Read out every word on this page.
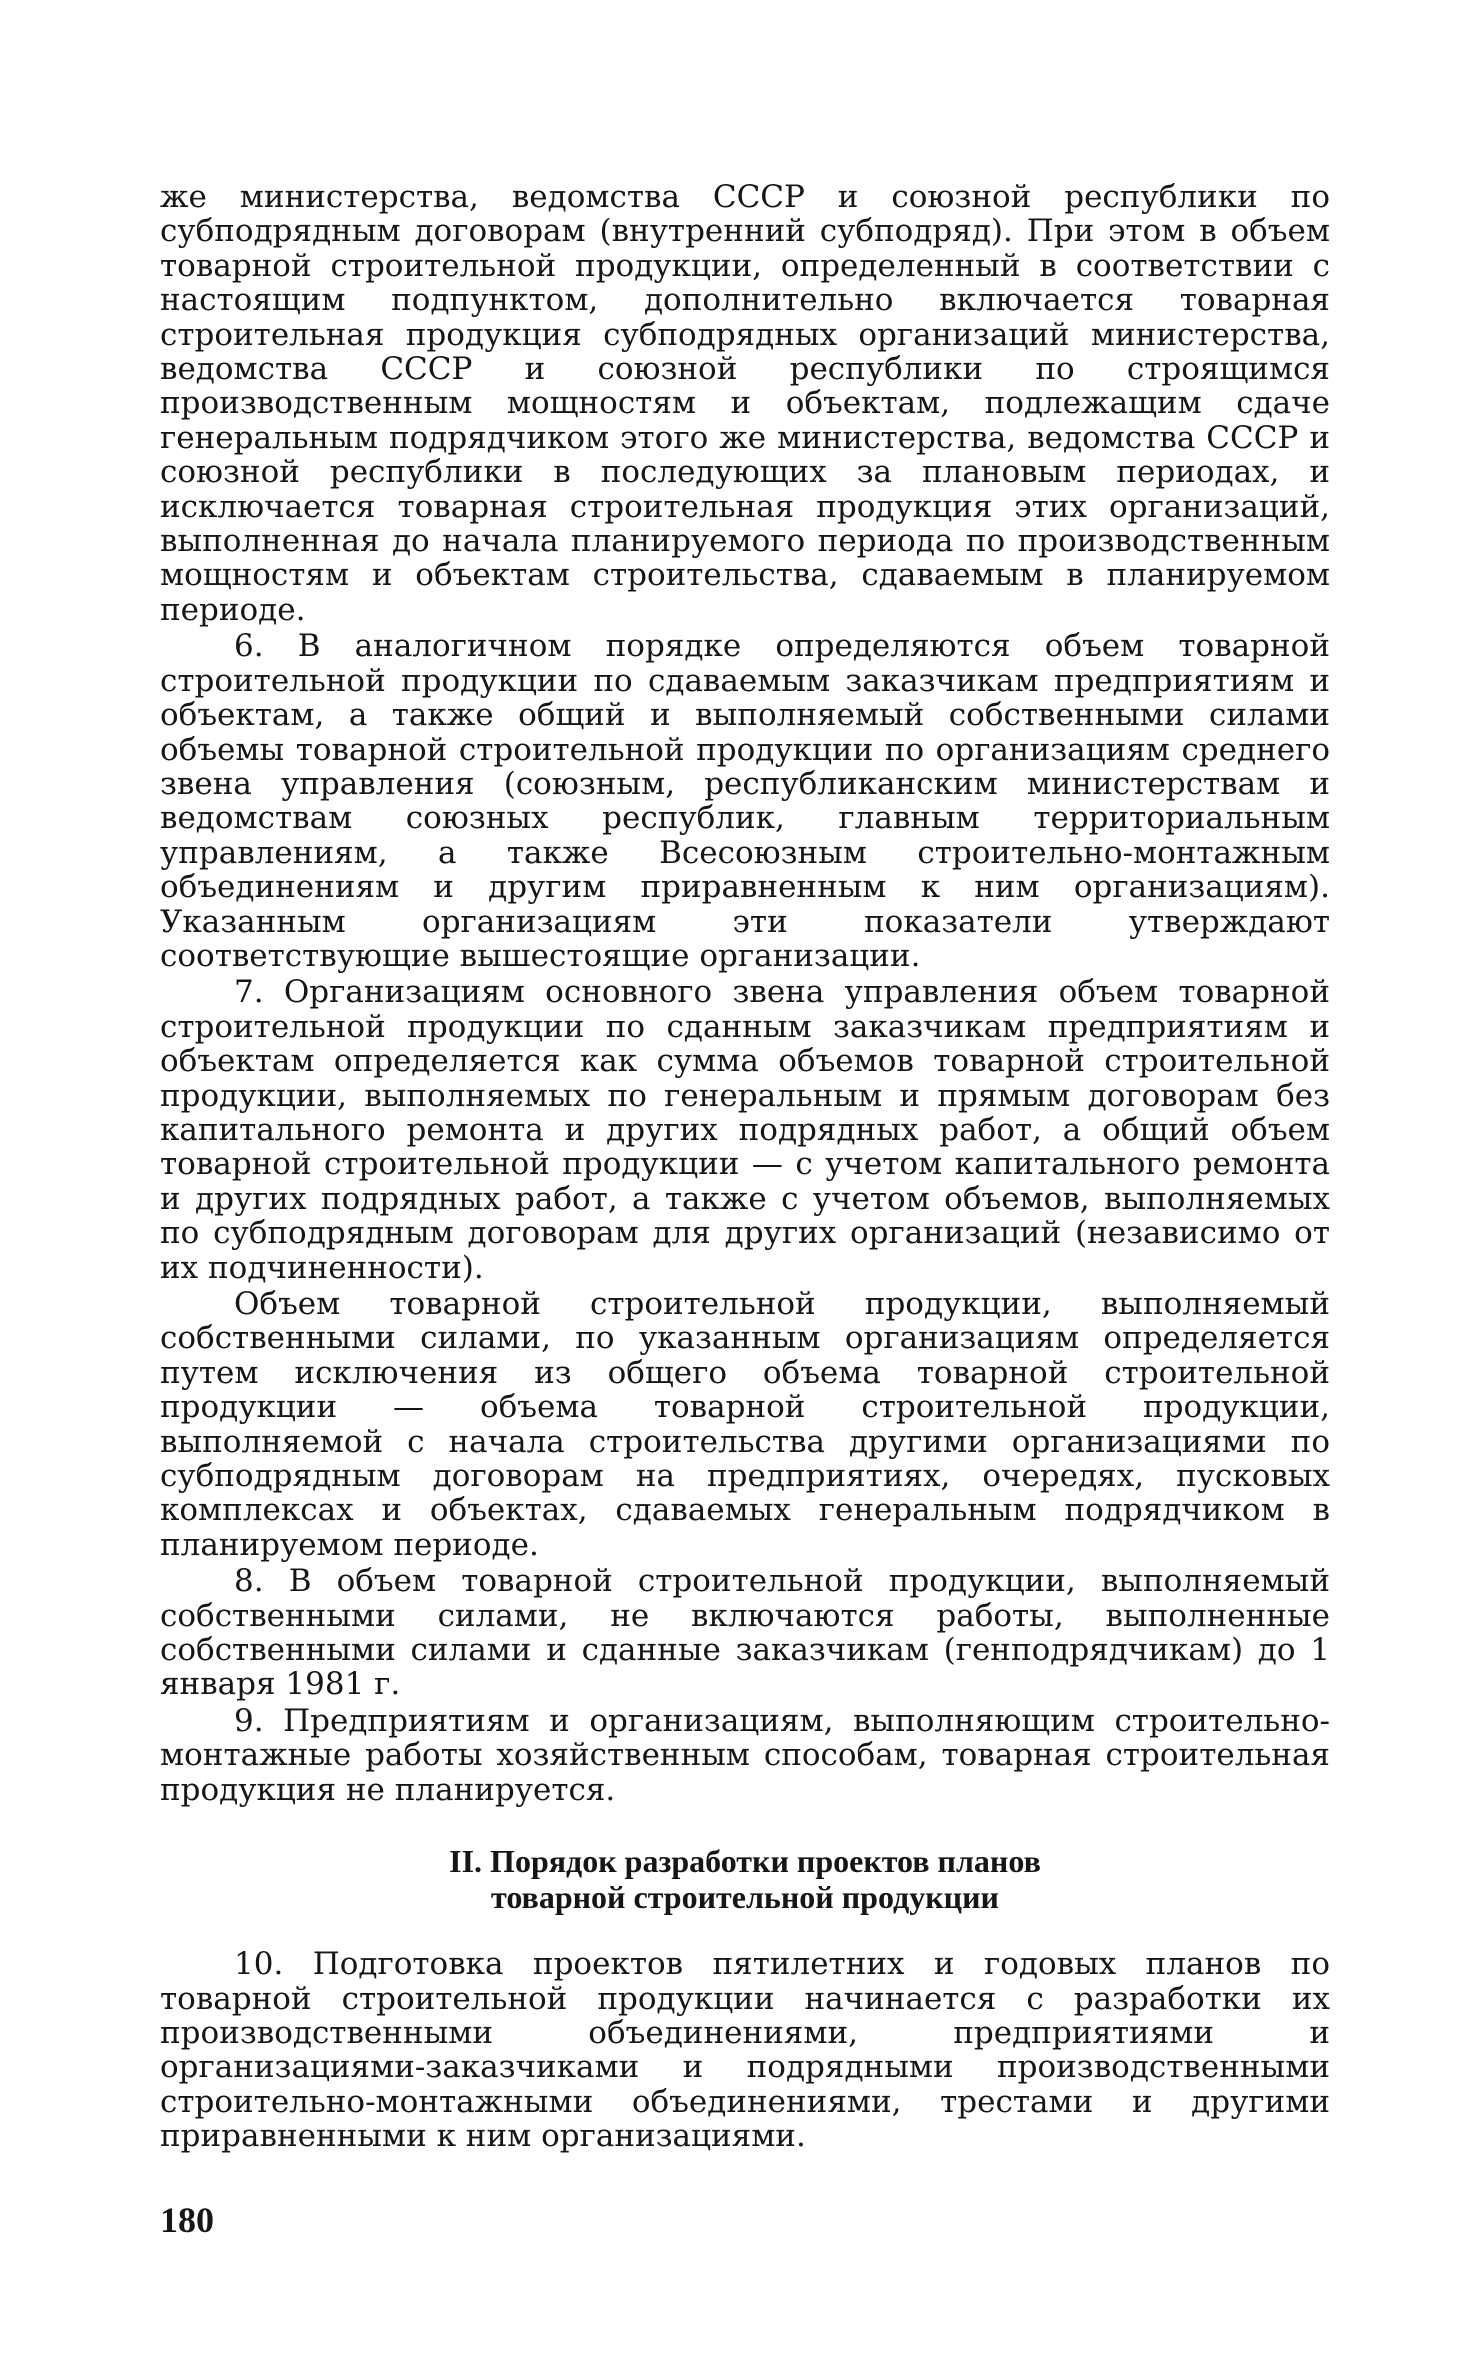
же министерства, ведомства СССР и союзной республики по субподрядным договорам (внутренний субподряд). При этом в объем товарной строительной продукции, определенный в соответствии с настоящим подпунктом, дополнительно включается товарная строительная продукция субподрядных организаций министерства, ведомства СССР и союзной республики по строящимся производственным мощностям и объектам, подлежащим сдаче генеральным подрядчиком этого же министерства, ведомства СССР и союзной республики в последующих за плановым периодах, и исключается товарная строительная продукция этих организаций, выполненная до начала планируемого периода по производственным мощностям и объектам строительства, сдаваемым в планируемом периоде.

6. В аналогичном порядке определяются объем товарной строительной продукции по сдаваемым заказчикам предприятиям и объектам, а также общий и выполняемый собственными силами объемы товарной строительной продукции по организациям среднего звена управления (союзным, республиканским министерствам и ведомствам союзных республик, главным территориальным управлениям, а также Всесоюзным строительно-монтажным объединениям и другим приравненным к ним организациям). Указанным организациям эти показатели утверждают соответствующие вышестоящие организации.

7. Организациям основного звена управления объем товарной строительной продукции по сданным заказчикам предприятиям и объектам определяется как сумма объемов товарной строительной продукции, выполняемых по генеральным и прямым договорам без капитального ремонта и других подрядных работ, а общий объем товарной строительной продукции — с учетом капитального ремонта и других подрядных работ, а также с учетом объемов, выполняемых по субподрядным договорам для других организаций (независимо от их подчиненности).

Объем товарной строительной продукции, выполняемый собственными силами, по указанным организациям определяется путем исключения из общего объема товарной строительной продукции — объема товарной строительной продукции, выполняемой с начала строительства другими организациями по субподрядным договорам на предприятиях, очередях, пусковых комплексах и объектах, сдаваемых генеральным подрядчиком в планируемом периоде.

8. В объем товарной строительной продукции, выполняемый собственными силами, не включаются работы, выполненные собственными силами и сданные заказчикам (генподрядчикам) до 1 января 1981 г.

9. Предприятиям и организациям, выполняющим строительно-монтажные работы хозяйственным способам, товарная строительная продукция не планируется.

II. Порядок разработки проектов планов
товарной строительной продукции

10. Подготовка проектов пятилетних и годовых планов по товарной строительной продукции начинается с разработки их производственными объединениями, предприятиями и организациями-заказчиками и подрядными производственными строительно-монтажными объединениями, трестами и другими приравненными к ним организациями.

180
